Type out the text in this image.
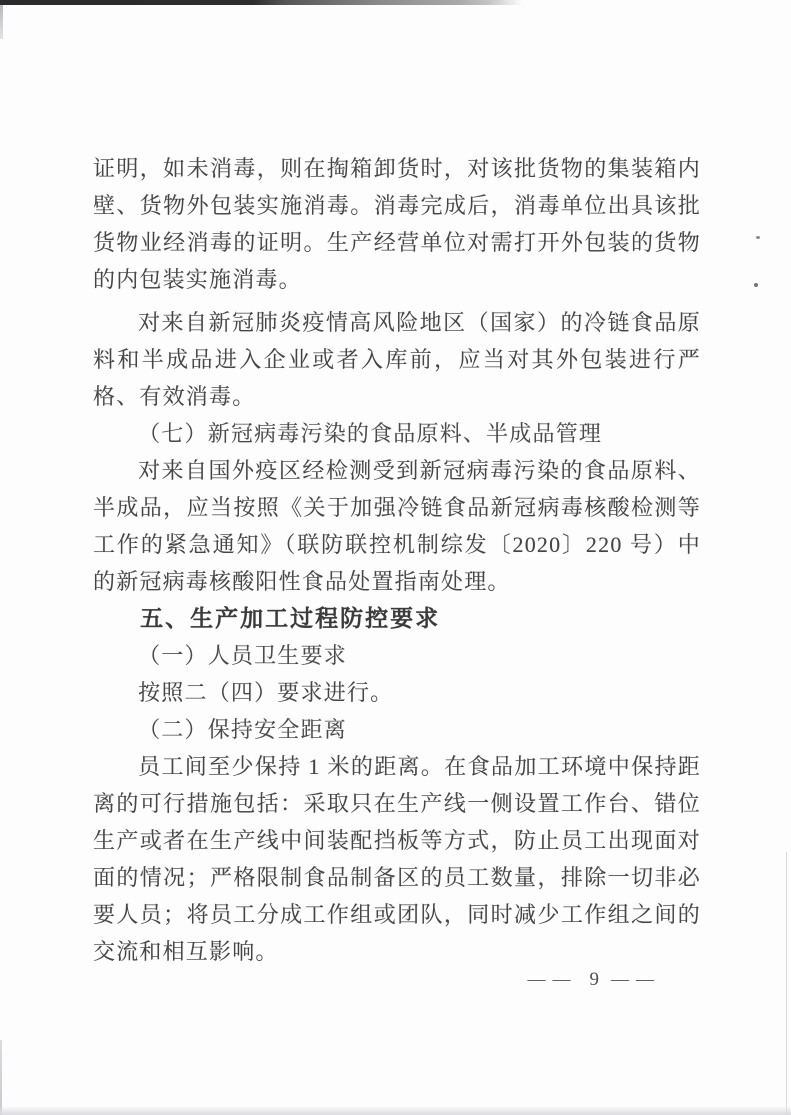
证明，如未消毒，则在掏箱卸货时，对该批货物的集装箱内壁、货物外包装实施消毒。消毒完成后，消毒单位出具该批货物业经消毒的证明。生产经营单位对需打开外包装的货物的内包装实施消毒。

对来自新冠肺炎疫情高风险地区（国家）的冷链食品原料和半成品进入企业或者入库前，应当对其外包装进行严格、有效消毒。

（七）新冠病毒污染的食品原料、半成品管理

对来自国外疫区经检测受到新冠病毒污染的食品原料、半成品，应当按照《关于加强冷链食品新冠病毒核酸检测等工作的紧急通知》（联防联控机制综发〔2020〕220 号）中的新冠病毒核酸阳性食品处置指南处理。

五、生产加工过程防控要求

（一）人员卫生要求

按照二（四）要求进行。

（二）保持安全距离

员工间至少保持 1 米的距离。在食品加工环境中保持距离的可行措施包括：采取只在生产线一侧设置工作台、错位生产或者在生产线中间装配挡板等方式，防止员工出现面对面的情况；严格限制食品制备区的员工数量，排除一切非必要人员；将员工分成工作组或团队，同时减少工作组之间的交流和相互影响。

—— 9 ——
